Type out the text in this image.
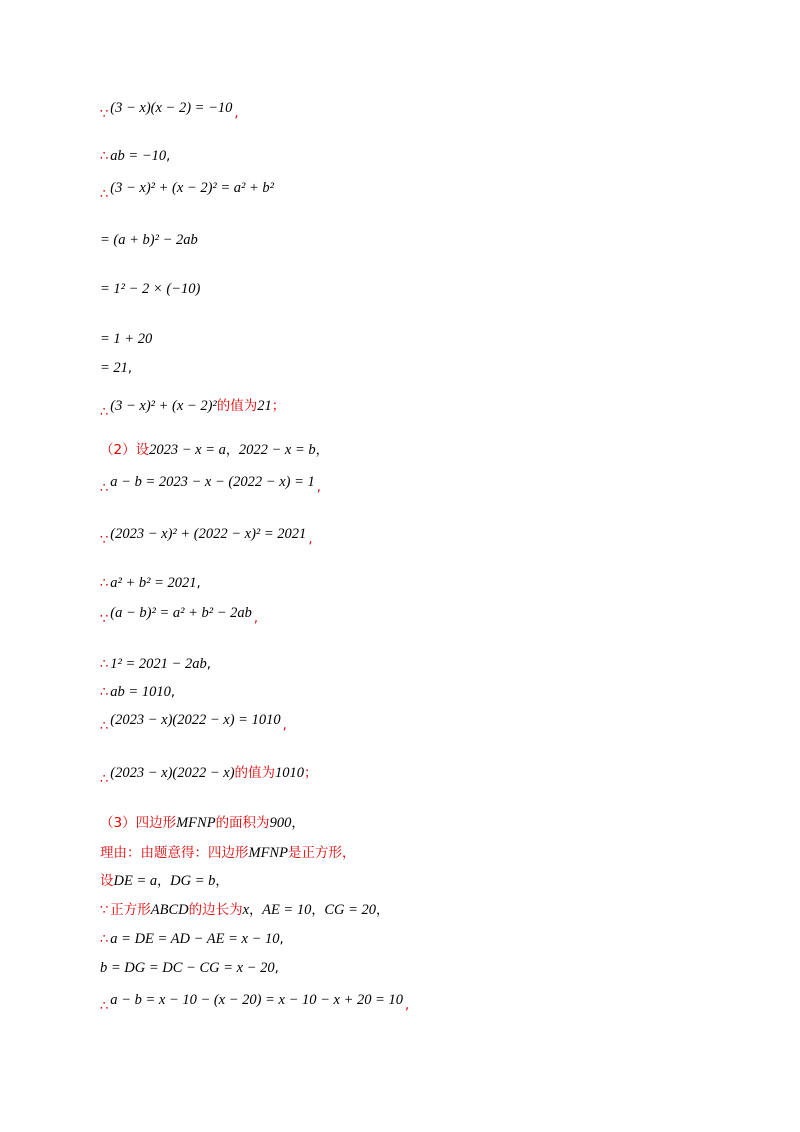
∵ (3 − x)(x − 2) = −10 ,
∴ ab = −10,
∴ (3 − x)² + (x − 2)² = a² + b²
= (a + b)² − 2ab
= 1² − 2 × (−10)
= 1 + 20
= 21,
∴ (3 − x)² + (x − 2)²的值为21；
（2）设2023 − x = a，2022 − x = b，
∴ a − b = 2023 − x − (2022 − x) = 1 ,
∵ (2023 − x)² + (2022 − x)² = 2021 ,
∴ a² + b² = 2021,
∵ (a − b)² = a² + b² − 2ab ,
∴ 1² = 2021 − 2ab,
∴ ab = 1010,
∴ (2023 − x)(2022 − x) = 1010 ,
∴ (2023 − x)(2022 − x)的值为1010；
（3）四边形MFNP的面积为900，
理由：由题意得：四边形MFNP是正方形，
设DE = a，DG = b，
∵ 正方形ABCD的边长为x，AE = 10，CG = 20，
∴ a = DE = AD − AE = x − 10,
b = DG = DC − CG = x − 20,
∴ a − b = x − 10 − (x − 20) = x − 10 − x + 20 = 10 ,
